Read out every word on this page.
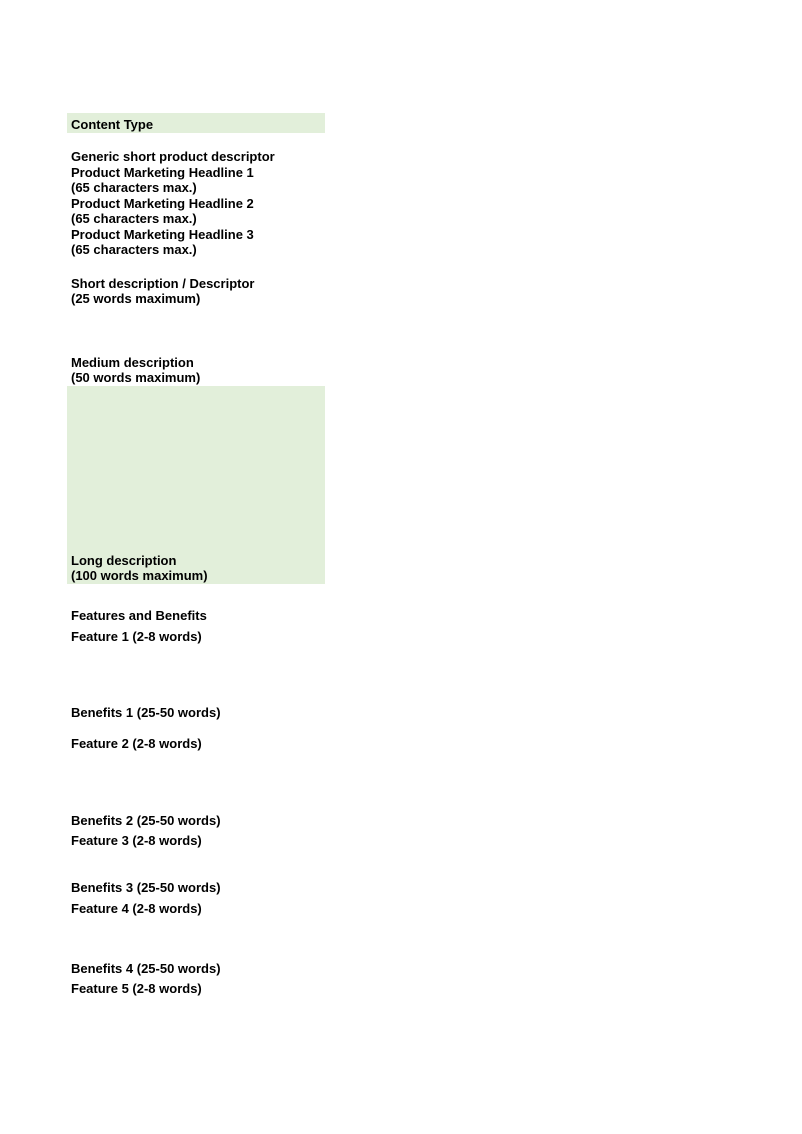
Content Type
Generic short product descriptor
Product Marketing Headline 1
(65 characters max.)
Product Marketing Headline 2
(65 characters max.)
Product Marketing Headline 3
(65 characters max.)
Short description / Descriptor
(25 words maximum)
Medium description
(50 words maximum)
Long description
(100 words maximum)
Features and Benefits
Feature 1 (2-8 words)
Benefits 1 (25-50 words)
Feature 2 (2-8 words)
Benefits 2 (25-50 words)
Feature 3 (2-8 words)
Benefits 3 (25-50 words)
Feature 4 (2-8 words)
Benefits 4 (25-50 words)
Feature 5 (2-8 words)
